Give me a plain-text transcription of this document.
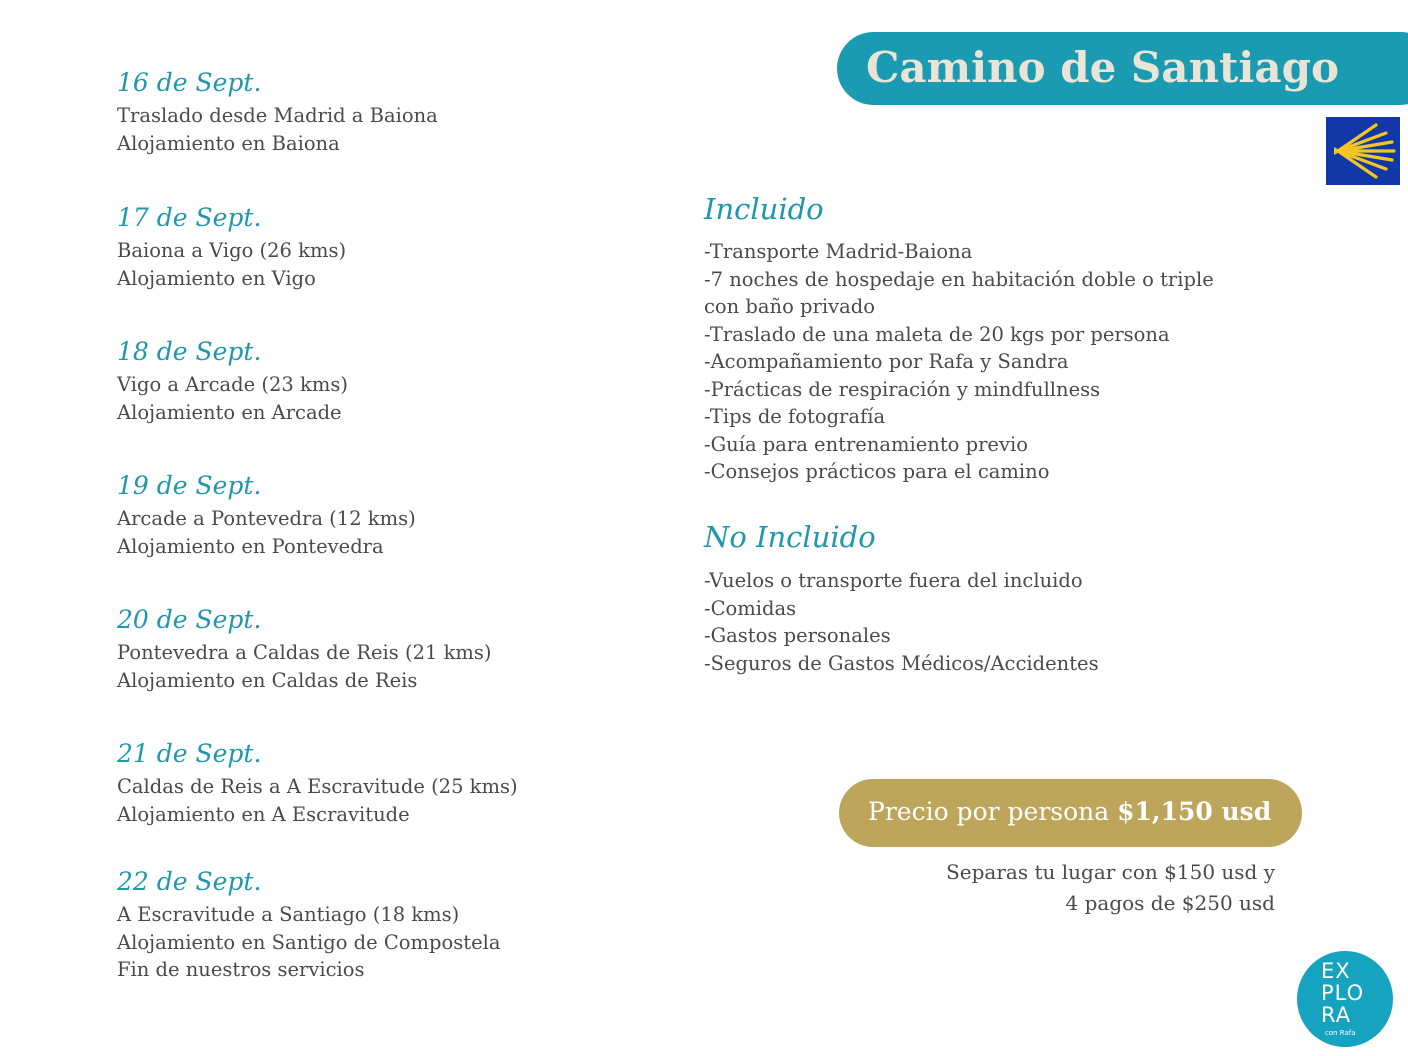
16 de Sept.
Traslado desde Madrid a Baiona
Alojamiento en Baiona
17 de Sept.
Baiona a Vigo (26 kms)
Alojamiento en Vigo
18 de Sept.
Vigo a Arcade (23 kms)
Alojamiento en Arcade
19 de Sept.
Arcade a Pontevedra (12 kms)
Alojamiento en Pontevedra
20 de Sept.
Pontevedra a Caldas de Reis (21 kms)
Alojamiento en Caldas de Reis
21 de Sept.
Caldas de Reis a A Escravitude (25 kms)
Alojamiento en A Escravitude
22 de Sept.
A Escravitude a Santiago (18 kms)
Alojamiento en Santigo de Compostela
Fin de nuestros servicios
Camino de Santiago
Incluido
-Transporte Madrid-Baiona
-7 noches de hospedaje en habitación doble o triple
con baño privado
-Traslado de una maleta de 20 kgs por persona
-Acompañamiento por Rafa y Sandra
-Prácticas de respiración y mindfullness
-Tips de fotografía
-Guía para entrenamiento previo
-Consejos prácticos para el camino
No Incluido
-Vuelos o transporte fuera del incluido
-Comidas
-Gastos personales
-Seguros de Gastos Médicos/Accidentes
Precio por persona $1,150 usd
Separas tu lugar con $150 usd y
4 pagos de $250 usd
EX
PLO
RA
con Rafa
